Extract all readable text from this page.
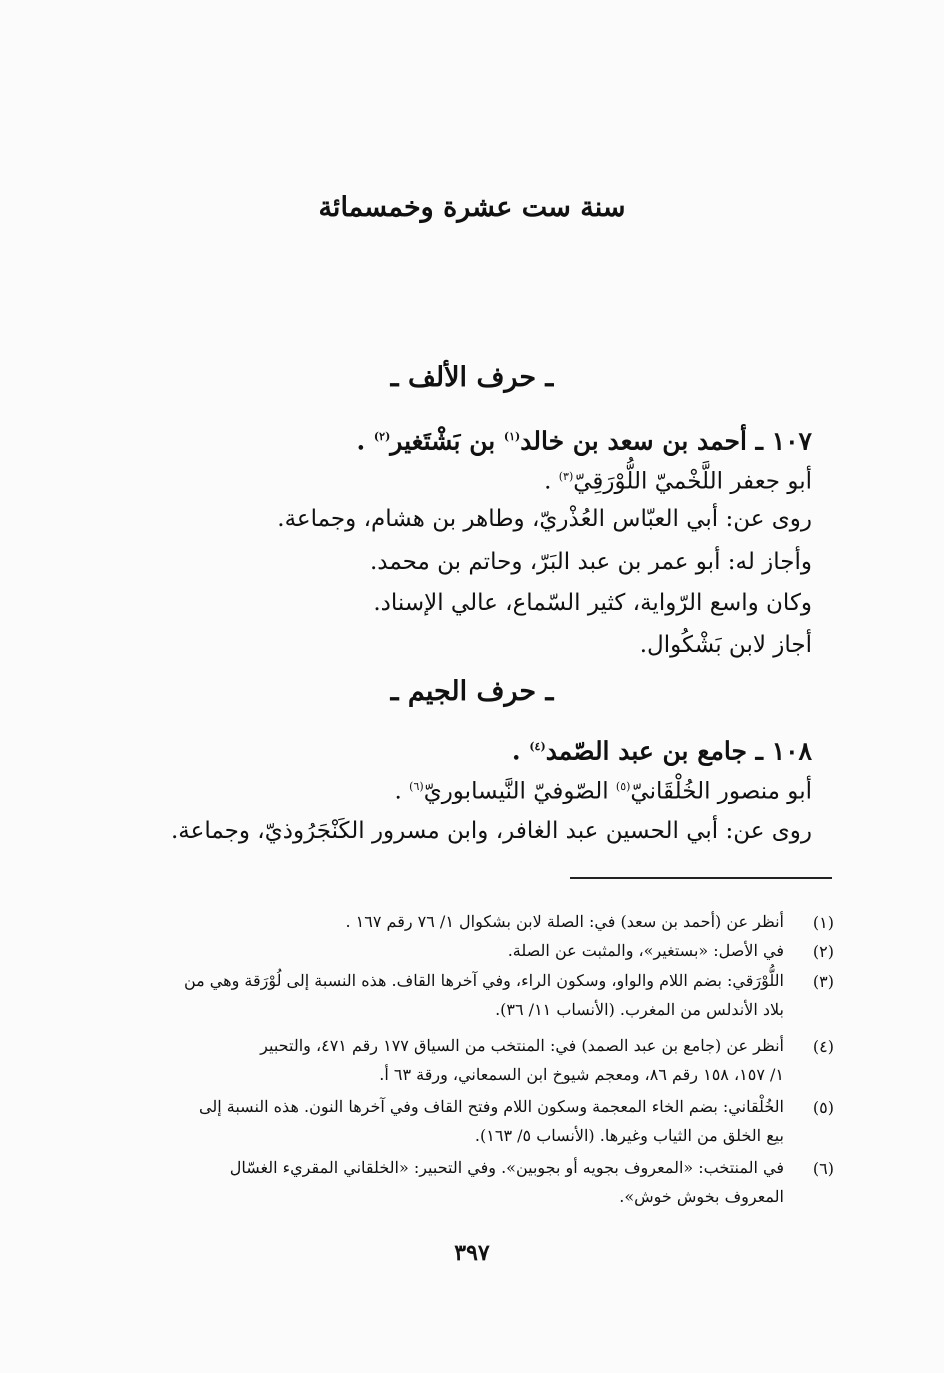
سنة ست عشرة وخمسمائة
ـ حرف الألف ـ
١٠٧ ـ أحمد بن سعد بن خالد$^{(١)}$ بن بَشْتَغير$^{(٢)}$ .
أبو جعفر اللَّخْميّ اللُّوْرَقِيّ$^{(٣)}$ .
روى عن: أبي العبّاس العُذْريّ، وطاهر بن هشام، وجماعة.
وأجاز له: أبو عمر بن عبد البَرّ، وحاتم بن محمد.
وكان واسع الرّواية، كثير السّماع، عالي الإسناد.
أجاز لابن بَشْكُوال.
ـ حرف الجيم ـ
١٠٨ ـ جامع بن عبد الصّمد$^{(٤)}$ .
أبو منصور الخُلْقَانيّ$^{(٥)}$ الصّوفيّ النَّيسابوريّ$^{(٦)}$ .
روى عن: أبي الحسين عبد الغافر، وابن مسرور الكَنْجَرُوذيّ، وجماعة.
(١)
أنظر عن (أحمد بن سعد) في: الصلة لابن بشكوال ١/ ٧٦ رقم ١٦٧ .
(٢)
في الأصل: «بستغير»، والمثبت عن الصلة.
(٣)
اللُّوْرَقي: بضم اللام والواو، وسكون الراء، وفي آخرها القاف. هذه النسبة إلى لُوْرَقة وهي من
بلاد الأندلس من المغرب. (الأنساب ١١/ ٣٦).
(٤)
أنظر عن (جامع بن عبد الصمد) في: المنتخب من السياق ١٧٧ رقم ٤٧١، والتحبير
١/ ١٥٧، ١٥٨ رقم ٨٦، ومعجم شيوخ ابن السمعاني، ورقة ٦٣ أ.
(٥)
الخُلْقاني: بضم الخاء المعجمة وسكون اللام وفتح القاف وفي آخرها النون. هذه النسبة إلى
بيع الخلق من الثياب وغيرها. (الأنساب ٥/ ١٦٣).
(٦)
في المنتخب: «المعروف بجويه أو بجوبين». وفي التحبير: «الخلقاني المقريء الغسّال
المعروف بخوش خوش».
٣٩٧
